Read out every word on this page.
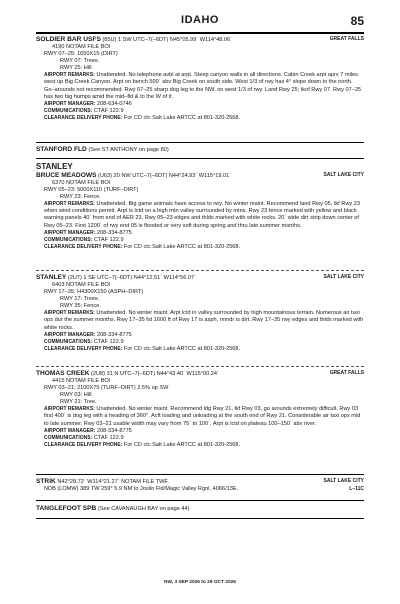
IDAHO	85
SOLDIER BAR USFS (85U) 1 SW UTC–7(–6DT) N45°05.99´ W114°48.06´	GREAT FALLS
4190 NOTAM FILE BOI
RWY 07–25: 1650X15 (DIRT)
RWY 07: Trees.
RWY 25: Hill.
AIRPORT REMARKS: Unattended. No telephone avbl at arpt. Steep canyon walls in all directions. Cabin Creek arpt aprx 7 miles west up Big Creek Canyon. Arpt on bench 500´ abv Big Creek on south side. West 1/3 of rwy has 4° slope down to the north. Go–arounds not recommended. Rwy 07–25 sharp dog leg to the NW, on west 1/3 of rwy. Land Rwy 25; tkof Rwy 07. Rwy 07–25 has two big humps amid the mid–fld & to the W of it.
AIRPORT MANAGER: 208-634-0746
COMMUNICATIONS: CTAF 122.9
CLEARANCE DELIVERY PHONE: For CD ctc Salt Lake ARTCC at 801-320-2568.
STANFORD FLD (See ST ANTHONY on page 80)
STANLEY
BRUCE MEADOWS (U63) 20 NW UTC–7(–6DT) N44°24.93´ W115°19.01´	SALT LAKE CITY
6370 NOTAM FILE BOI
RWY 05–23: 5000X110 (TURF–DIRT)
RWY 23: Fence.
AIRPORT REMARKS: Unattended. Big game animals have access to rwy. No winter maint. Recommend land Rwy 05, tkf Rwy 23 when wind conditions permit. Arpt is lctd on a high mtn valley surrounded by mtns. Rwy 23 fence marked with yellow and black warning panels 40´ from end of AER 23. Rwy 05–23 edges and thlds marked with white rocks. 20´ wide dirt strip down center of Rwy 05–23. First 1200´ of rwy end 05 is flooded or very soft during spring and thru late summer months.
AIRPORT MANAGER: 208-334-8775
COMMUNICATIONS: CTAF 122.9
CLEARANCE DELIVERY PHONE: For CD ctc Salt Lake ARTCC at 801-320-2568.
STANLEY (2U7) 1 SE UTC–7(–6DT) N44°12.51´ W114°56.07´	SALT LAKE CITY
6403 NOTAM FILE BOI
RWY 17–35: H4300X150 (ASPH–DIRT)
RWY 17: Trees.
RWY 35: Fence.
AIRPORT REMARKS: Unattended. No winter maint. Arpt lctd in valley surrounded by high mountainous terrain. Numerous air taxi ops dur the summer months. Rwy 17–35 fst 1600 ft of Rwy 17 is asph, rmndr is dirt. Rwy 17–35 rwy edges and thlds marked with white rocks.
AIRPORT MANAGER: 208-334-8775
COMMUNICATIONS: CTAF 122.9
CLEARANCE DELIVERY PHONE: For CD ctc Salt Lake ARTCC at 801-320-2568.
THOMAS CREEK (2U8) 31 N UTC–7(–6DT) N44°43.40´ W115°00.24´	GREAT FALLS
4415 NOTAM FILE BOI
RWY 03–21: 2100X75 (TURF–DIRT) 2.5% up SW
RWY 03: Hill.
RWY 21: Tree.
AIRPORT REMARKS: Unattended. No winter maint. Recommend ldg Rwy 21, tkf Rwy 03, go arounds extremely difficult. Rwy 03 first 400´ is dog leg with a heading of 360°. Acft loading and unloading at the south end of Rwy 21. Considerable air taxi ops mid to late summer. Rwy 03–21 usable width may vary from 75´ to 100´. Arpt is lctd on plateau 100–150´ abv river.
AIRPORT MANAGER: 208-334-8775
COMMUNICATIONS: CTAF 122.9
CLEARANCE DELIVERY PHONE: For CD ctc Salt Lake ARTCC at 801-320-2568.
STRIK N42°28.72´ W114°21.27´ NOTAM FILE TWF.	SALT LAKE CITY
NDB (LOMW) 389 TW 259° 5.9 NM to Joslin Fld/Magic Valley Rgnl. 4066/13E.	L–11C
TANGLEFOOT SPB (See CAVANAUGH BAY on page 44)
NW, 3 SEP 2026 to 29 OCT 2026
